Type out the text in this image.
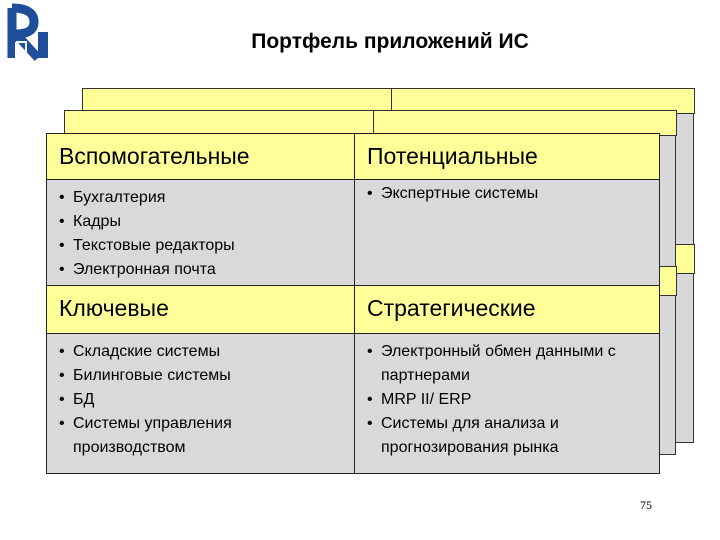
Портфель приложений ИС
Вспомогательные	Потенциальные
• Бухгалтерия
• Кадры
• Текстовые редакторы
• Электронная почта
• Экспертные системы
Ключевые	Стратегические
• Складские системы
• Билинговые системы
• БД
• Системы управления производством
• Электронный обмен данными с партнерами
• MRP II/ ERP
• Системы для анализа и прогнозирования рынка
75
